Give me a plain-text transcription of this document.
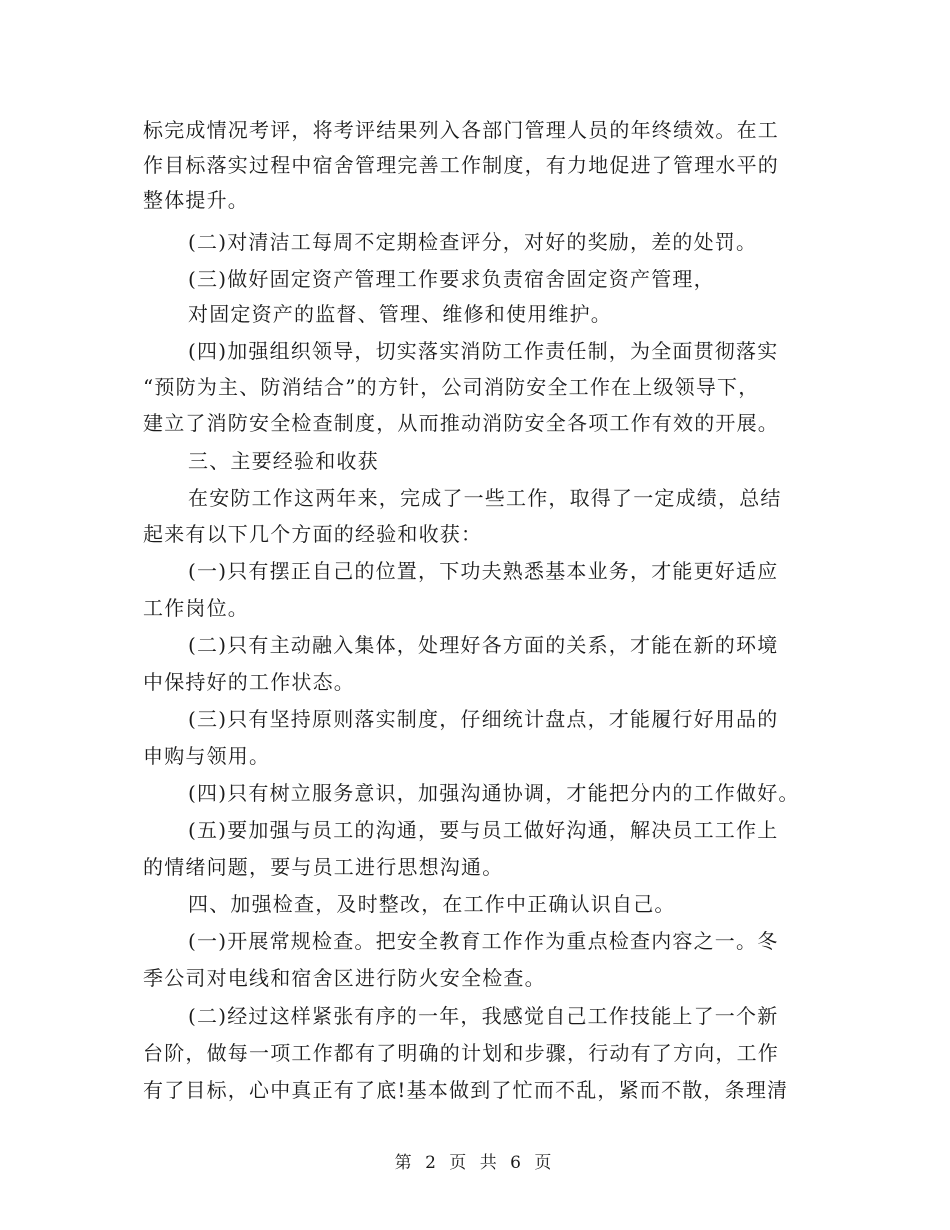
标完成情况考评，将考评结果列入各部门管理人员的年终绩效。在工
作目标落实过程中宿舍管理完善工作制度，有力地促进了管理水平的
整体提升。
(二)对清洁工每周不定期检查评分，对好的奖励，差的处罚。
(三)做好固定资产管理工作要求负责宿舍固定资产管理，
对固定资产的监督、管理、维修和使用维护。
(四)加强组织领导，切实落实消防工作责任制，为全面贯彻落实
“预防为主、防消结合”的方针，公司消防安全工作在上级领导下，
建立了消防安全检查制度，从而推动消防安全各项工作有效的开展。
三、主要经验和收获
在安防工作这两年来，完成了一些工作，取得了一定成绩，总结
起来有以下几个方面的经验和收获：
(一)只有摆正自己的位置，下功夫熟悉基本业务，才能更好适应
工作岗位。
(二)只有主动融入集体，处理好各方面的关系，才能在新的环境
中保持好的工作状态。
(三)只有坚持原则落实制度，仔细统计盘点，才能履行好用品的
申购与领用。
(四)只有树立服务意识，加强沟通协调，才能把分内的工作做好。
(五)要加强与员工的沟通，要与员工做好沟通，解决员工工作上
的情绪问题，要与员工进行思想沟通。
四、加强检查，及时整改，在工作中正确认识自己。
(一)开展常规检查。把安全教育工作作为重点检查内容之一。冬
季公司对电线和宿舍区进行防火安全检查。
(二)经过这样紧张有序的一年，我感觉自己工作技能上了一个新
台阶，做每一项工作都有了明确的计划和步骤，行动有了方向，工作
有了目标，心中真正有了底!基本做到了忙而不乱，紧而不散，条理清
第 2 页 共 6 页
